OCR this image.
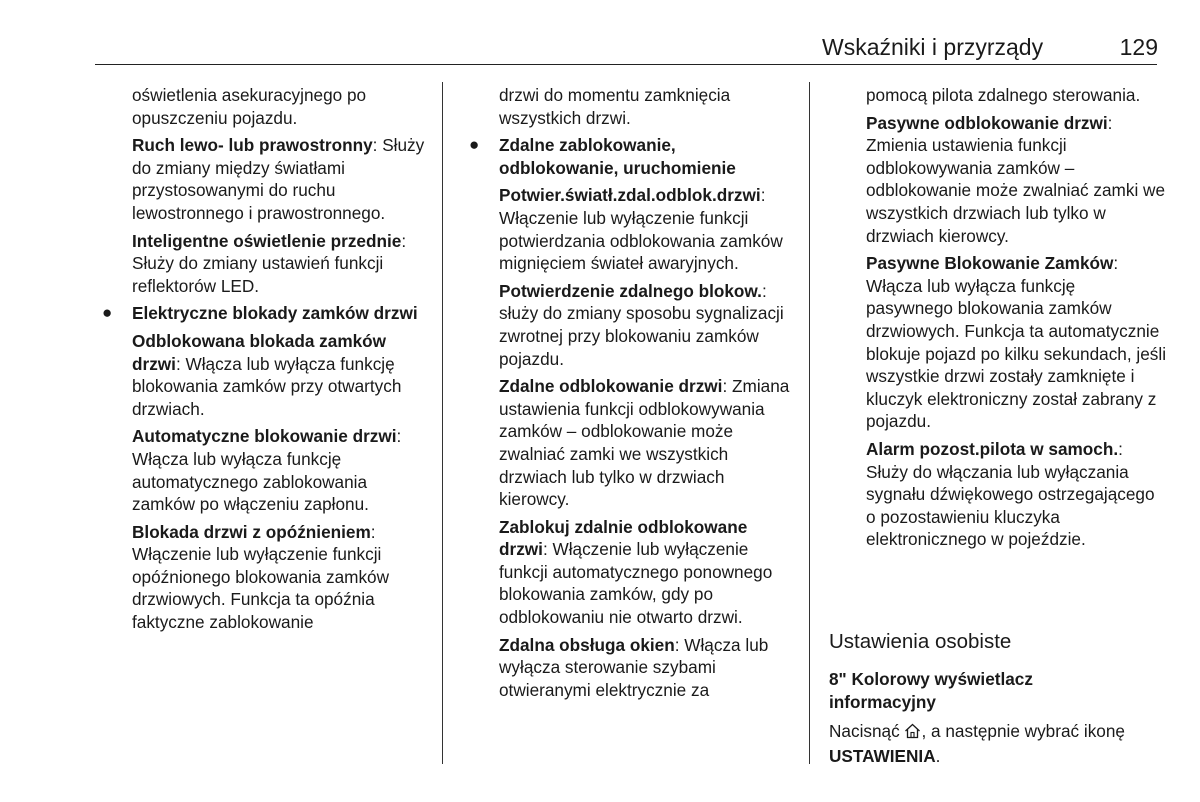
Wskaźniki i przyrządy	129

oświetlenia asekuracyjnego po opuszczeniu pojazdu.

Ruch lewo- lub prawostronny: Służy do zmiany między światłami przystosowanymi do ruchu lewostronnego i prawostronnego.

Inteligentne oświetlenie przednie: Służy do zmiany ustawień funkcji reflektorów LED.

● Elektryczne blokady zamków drzwi

Odblokowana blokada zamków drzwi: Włącza lub wyłącza funkcję blokowania zamków przy otwartych drzwiach.

Automatyczne blokowanie drzwi: Włącza lub wyłącza funkcję automatycznego zablokowania zamków po włączeniu zapłonu.

Blokada drzwi z opóźnieniem: Włączenie lub wyłączenie funkcji opóźnionego blokowania zamków drzwiowych. Funkcja ta opóźnia faktyczne zablokowanie

drzwi do momentu zamknięcia wszystkich drzwi.

● Zdalne zablokowanie, odblokowanie, uruchomienie

Potwier.światł.zdal.odblok.drzwi: Włączenie lub wyłączenie funkcji potwierdzania odblokowania zamków mignięciem świateł awaryjnych.

Potwierdzenie zdalnego blokow.: służy do zmiany sposobu sygnalizacji zwrotnej przy blokowaniu zamków pojazdu.

Zdalne odblokowanie drzwi: Zmiana ustawienia funkcji odblokowywania zamków – odblokowanie może zwalniać zamki we wszystkich drzwiach lub tylko w drzwiach kierowcy.

Zablokuj zdalnie odblokowane drzwi: Włączenie lub wyłączenie funkcji automatycznego ponownego blokowania zamków, gdy po odblokowaniu nie otwarto drzwi.

Zdalna obsługa okien: Włącza lub wyłącza sterowanie szybami otwieranymi elektrycznie za

pomocą pilota zdalnego sterowania.

Pasywne odblokowanie drzwi: Zmienia ustawienia funkcji odblokowywania zamków – odblokowanie może zwalniać zamki we wszystkich drzwiach lub tylko w drzwiach kierowcy.

Pasywne Blokowanie Zamków: Włącza lub wyłącza funkcję pasywnego blokowania zamków drzwiowych. Funkcja ta automatycznie blokuje pojazd po kilku sekundach, jeśli wszystkie drzwi zostały zamknięte i kluczyk elektroniczny został zabrany z pojazdu.

Alarm pozost.pilota w samoch.: Służy do włączania lub wyłączania sygnału dźwiękowego ostrzegającego o pozostawieniu kluczyka elektronicznego w pojeździe.

Ustawienia osobiste
8" Kolorowy wyświetlacz informacyjny
Nacisnąć , a następnie wybrać ikonę USTAWIENIA.
